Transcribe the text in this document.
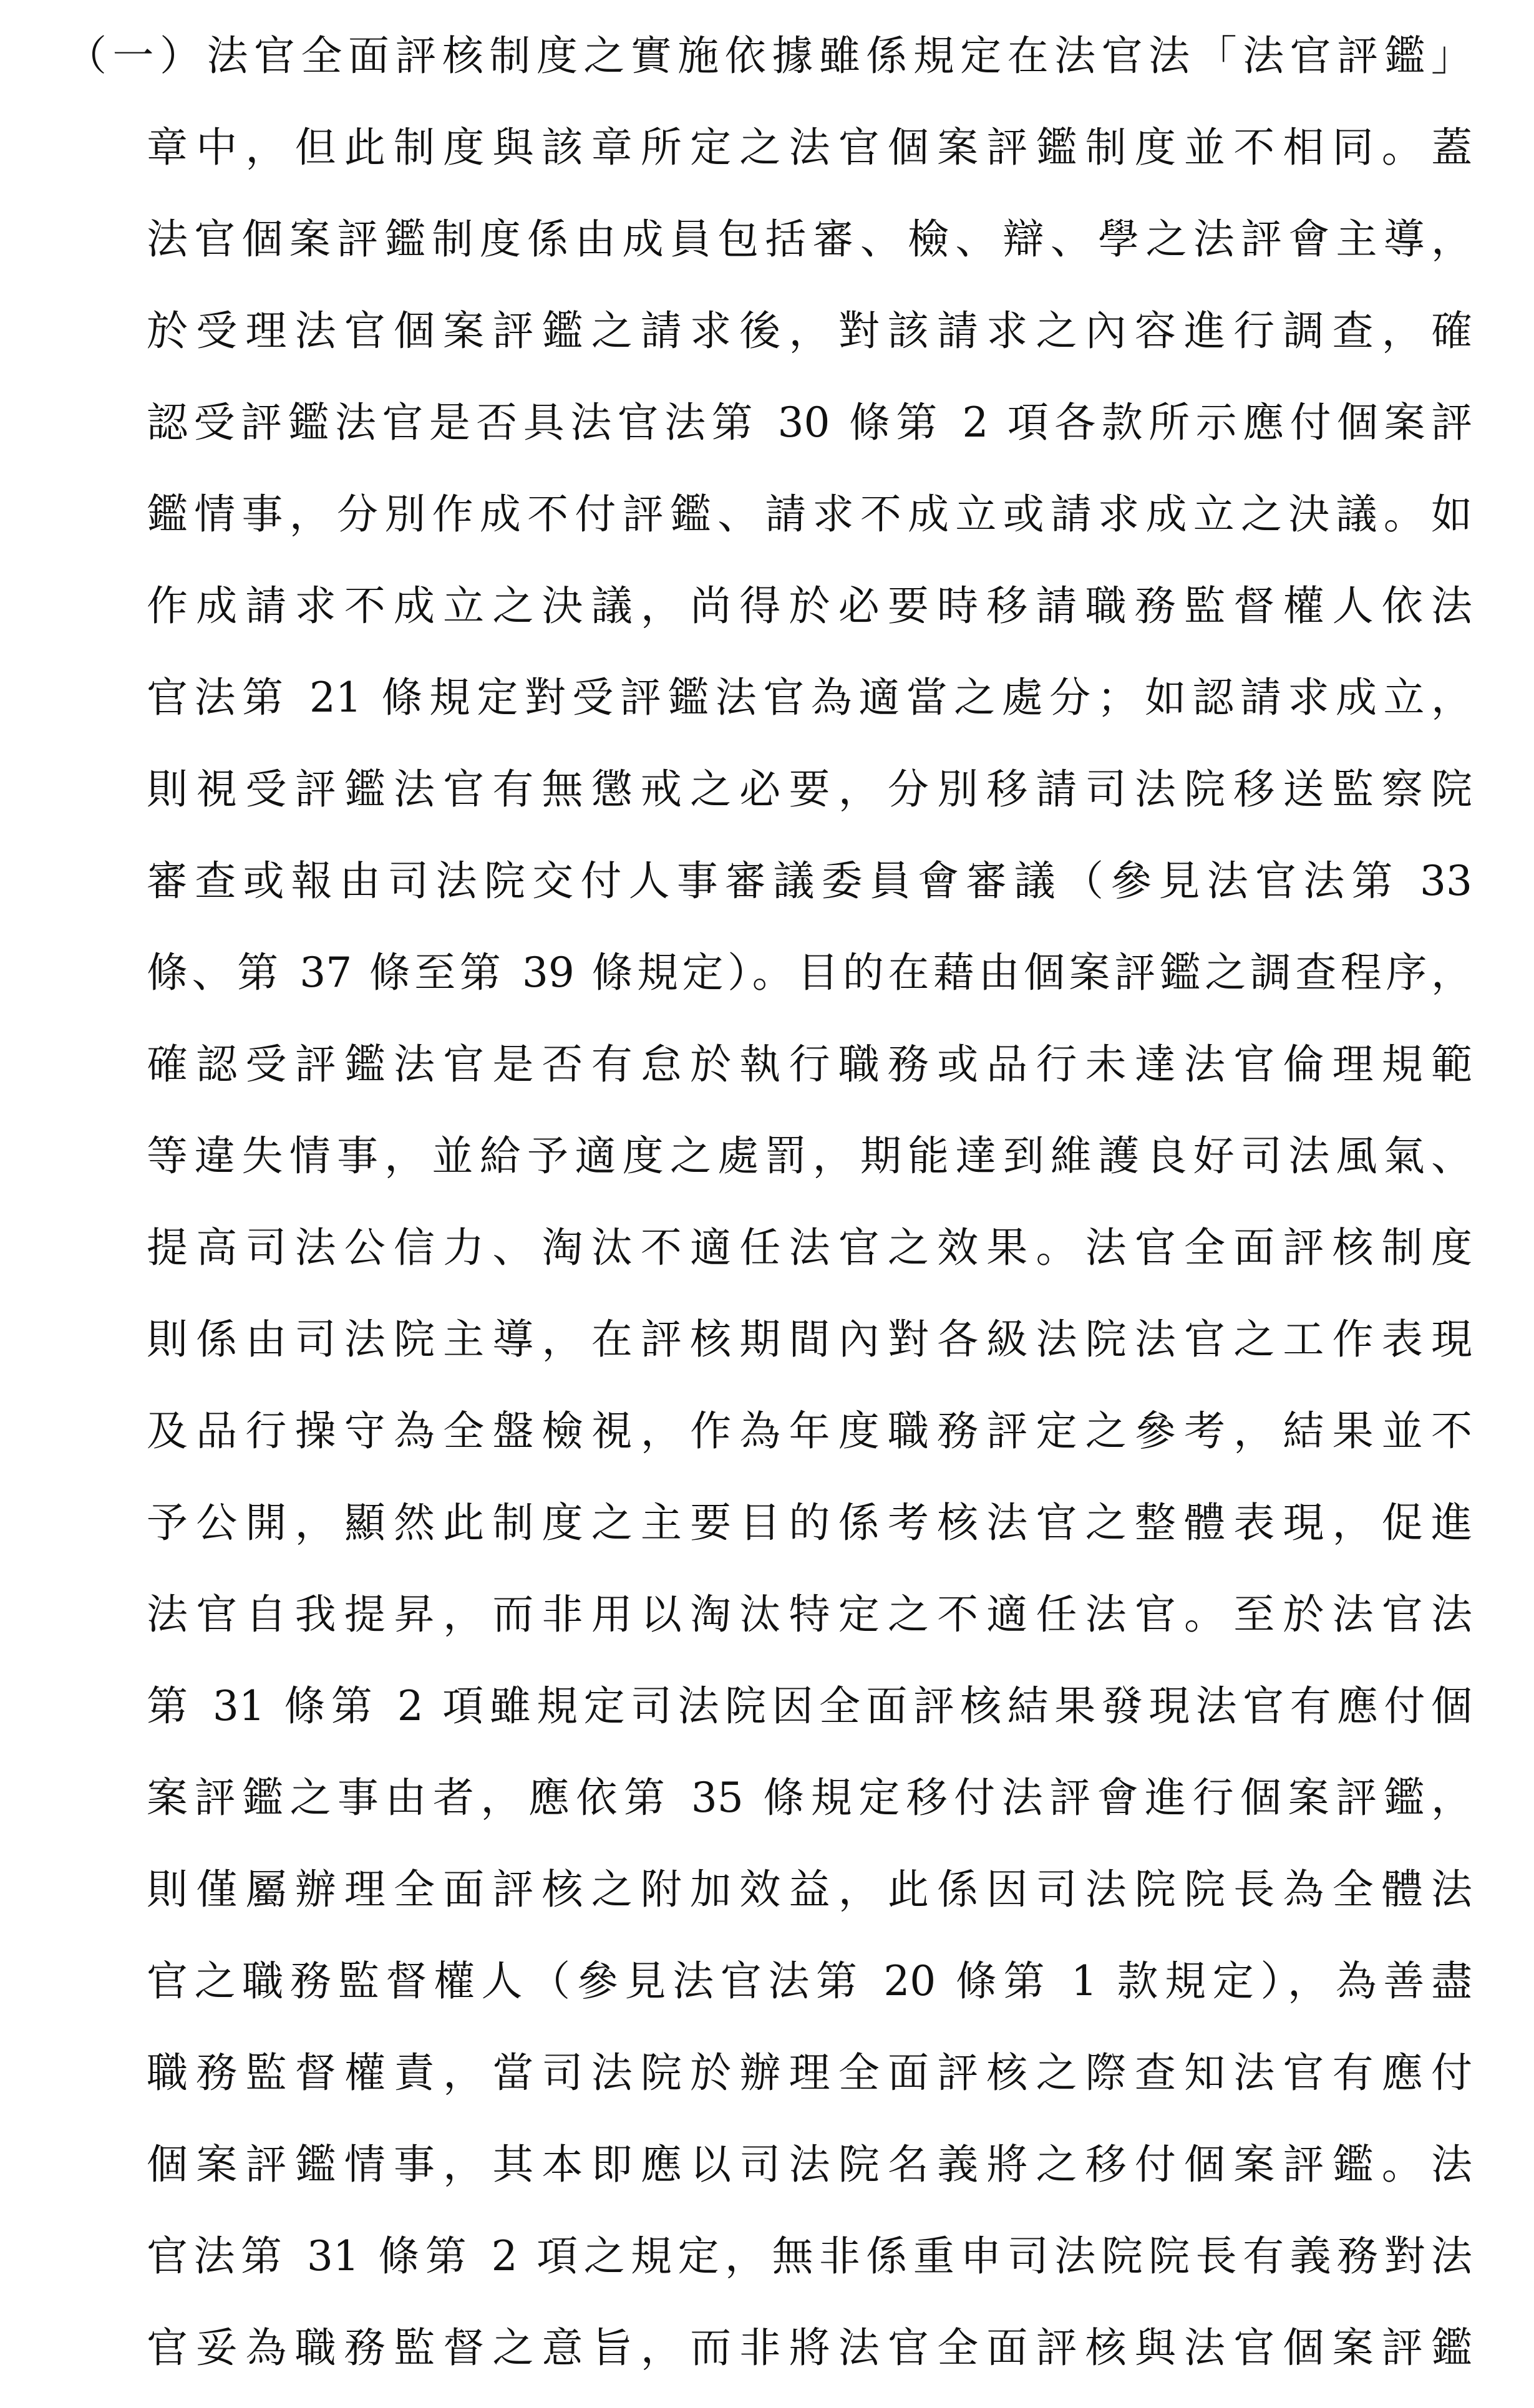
（一）法官全面評核制度之實施依據雖係規定在法官法「法官評鑑」
章中，但此制度與該章所定之法官個案評鑑制度並不相同。蓋
法官個案評鑑制度係由成員包括審、檢、辯、學之法評會主導，
於受理法官個案評鑑之請求後，對該請求之內容進行調查，確
認受評鑑法官是否具法官法第 30 條第 2 項各款所示應付個案評
鑑情事，分別作成不付評鑑、請求不成立或請求成立之決議。如
作成請求不成立之決議，尚得於必要時移請職務監督權人依法
官法第 21 條規定對受評鑑法官為適當之處分；如認請求成立，
則視受評鑑法官有無懲戒之必要，分別移請司法院移送監察院
審查或報由司法院交付人事審議委員會審議（參見法官法第 33
條、第 37 條至第 39 條規定）。目的在藉由個案評鑑之調查程序，
確認受評鑑法官是否有怠於執行職務或品行未達法官倫理規範
等違失情事，並給予適度之處罰，期能達到維護良好司法風氣、
提高司法公信力、淘汰不適任法官之效果。法官全面評核制度
則係由司法院主導，在評核期間內對各級法院法官之工作表現
及品行操守為全盤檢視，作為年度職務評定之參考，結果並不
予公開，顯然此制度之主要目的係考核法官之整體表現，促進
法官自我提昇，而非用以淘汰特定之不適任法官。至於法官法
第 31 條第 2 項雖規定司法院因全面評核結果發現法官有應付個
案評鑑之事由者，應依第 35 條規定移付法評會進行個案評鑑，
則僅屬辦理全面評核之附加效益，此係因司法院院長為全體法
官之職務監督權人（參見法官法第 20 條第 1 款規定），為善盡
職務監督權責，當司法院於辦理全面評核之際查知法官有應付
個案評鑑情事，其本即應以司法院名義將之移付個案評鑑。法
官法第 31 條第 2 項之規定，無非係重申司法院院長有義務對法
官妥為職務監督之意旨，而非將法官全面評核與法官個案評鑑
